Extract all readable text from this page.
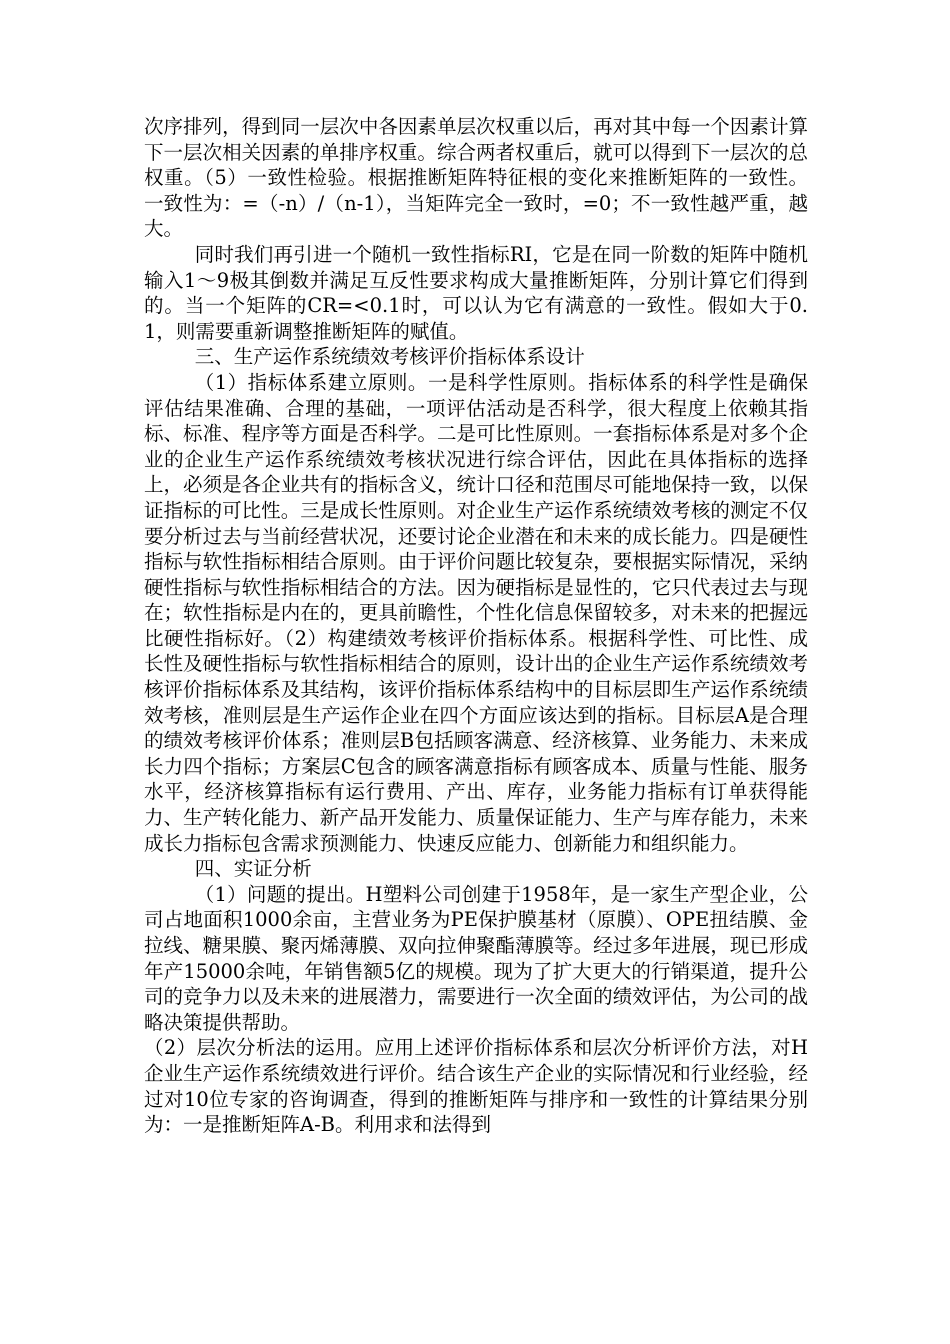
次序排列，得到同一层次中各因素单层次权重以后，再对其中每一个因素计算下一层次相关因素的单排序权重。综合两者权重后，就可以得到下一层次的总权重。（5）一致性检验。根据推断矩阵特征根的变化来推断矩阵的一致性。一致性为：=（-n）/（n-1），当矩阵完全一致时，=0；不一致性越严重，越大。

同时我们再引进一个随机一致性指标RI，它是在同一阶数的矩阵中随机输入1～9极其倒数并满足互反性要求构成大量推断矩阵，分别计算它们得到的。当一个矩阵的CR=<0.1时，可以认为它有满意的一致性。假如大于0.1，则需要重新调整推断矩阵的赋值。

三、生产运作系统绩效考核评价指标体系设计

（1）指标体系建立原则。一是科学性原则。指标体系的科学性是确保评估结果准确、合理的基础，一项评估活动是否科学，很大程度上依赖其指标、标准、程序等方面是否科学。二是可比性原则。一套指标体系是对多个企业的企业生产运作系统绩效考核状况进行综合评估，因此在具体指标的选择上，必须是各企业共有的指标含义，统计口径和范围尽可能地保持一致，以保证指标的可比性。三是成长性原则。对企业生产运作系统绩效考核的测定不仅要分析过去与当前经营状况，还要讨论企业潜在和未来的成长能力。四是硬性指标与软性指标相结合原则。由于评价问题比较复杂，要根据实际情况，采纳硬性指标与软性指标相结合的方法。因为硬指标是显性的，它只代表过去与现在；软性指标是内在的，更具前瞻性，个性化信息保留较多，对未来的把握远比硬性指标好。（2）构建绩效考核评价指标体系。根据科学性、可比性、成长性及硬性指标与软性指标相结合的原则，设计出的企业生产运作系统绩效考核评价指标体系及其结构，该评价指标体系结构中的目标层即生产运作系统绩效考核，准则层是生产运作企业在四个方面应该达到的指标。目标层A是合理的绩效考核评价体系；准则层B包括顾客满意、经济核算、业务能力、未来成长力四个指标；方案层C包含的顾客满意指标有顾客成本、质量与性能、服务水平，经济核算指标有运行费用、产出、库存，业务能力指标有订单获得能力、生产转化能力、新产品开发能力、质量保证能力、生产与库存能力，未来成长力指标包含需求预测能力、快速反应能力、创新能力和组织能力。

四、实证分析

（1）问题的提出。H塑料公司创建于1958年，是一家生产型企业，公司占地面积1000余亩，主营业务为PE保护膜基材（原膜）、OPE扭结膜、金拉线、糖果膜、聚丙烯薄膜、双向拉伸聚酯薄膜等。经过多年进展，现已形成年产15000余吨，年销售额5亿的规模。现为了扩大更大的行销渠道，提升公司的竞争力以及未来的进展潜力，需要进行一次全面的绩效评估，为公司的战略决策提供帮助。

（2）层次分析法的运用。应用上述评价指标体系和层次分析评价方法，对H企业生产运作系统绩效进行评价。结合该生产企业的实际情况和行业经验，经过对10位专家的咨询调查，得到的推断矩阵与排序和一致性的计算结果分别为：一是推断矩阵A-B。利用求和法得到
